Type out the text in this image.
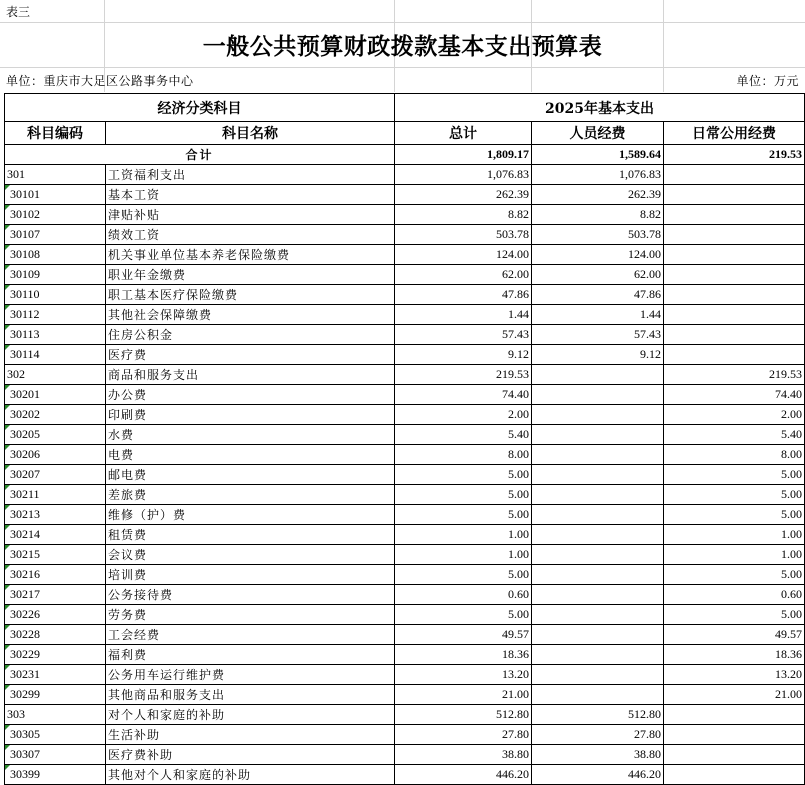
表三
一般公共预算财政拨款基本支出预算表
单位：重庆市大足区公路事务中心	单位：万元
经济分类科目		2025年基本支出		
科目编码	科目名称	总计	人员经费	日常公用经费
合计		1,809.17	1,589.64	219.53
301	工资福利支出	1,076.83	1,076.83	
30101	基本工资	262.39	262.39	
30102	津贴补贴	8.82	8.82	
30107	绩效工资	503.78	503.78	
30108	机关事业单位基本养老保险缴费	124.00	124.00	
30109	职业年金缴费	62.00	62.00	
30110	职工基本医疗保险缴费	47.86	47.86	
30112	其他社会保障缴费	1.44	1.44	
30113	住房公积金	57.43	57.43	
30114	医疗费	9.12	9.12	
302	商品和服务支出	219.53		219.53
30201	办公费	74.40		74.40
30202	印刷费	2.00		2.00
30205	水费	5.40		5.40
30206	电费	8.00		8.00
30207	邮电费	5.00		5.00
30211	差旅费	5.00		5.00
30213	维修（护）费	5.00		5.00
30214	租赁费	1.00		1.00
30215	会议费	1.00		1.00
30216	培训费	5.00		5.00
30217	公务接待费	0.60		0.60
30226	劳务费	5.00		5.00
30228	工会经费	49.57		49.57
30229	福利费	18.36		18.36
30231	公务用车运行维护费	13.20		13.20
30299	其他商品和服务支出	21.00		21.00
303	对个人和家庭的补助	512.80	512.80	
30305	生活补助	27.80	27.80	
30307	医疗费补助	38.80	38.80	
30399	其他对个人和家庭的补助	446.20	446.20	
